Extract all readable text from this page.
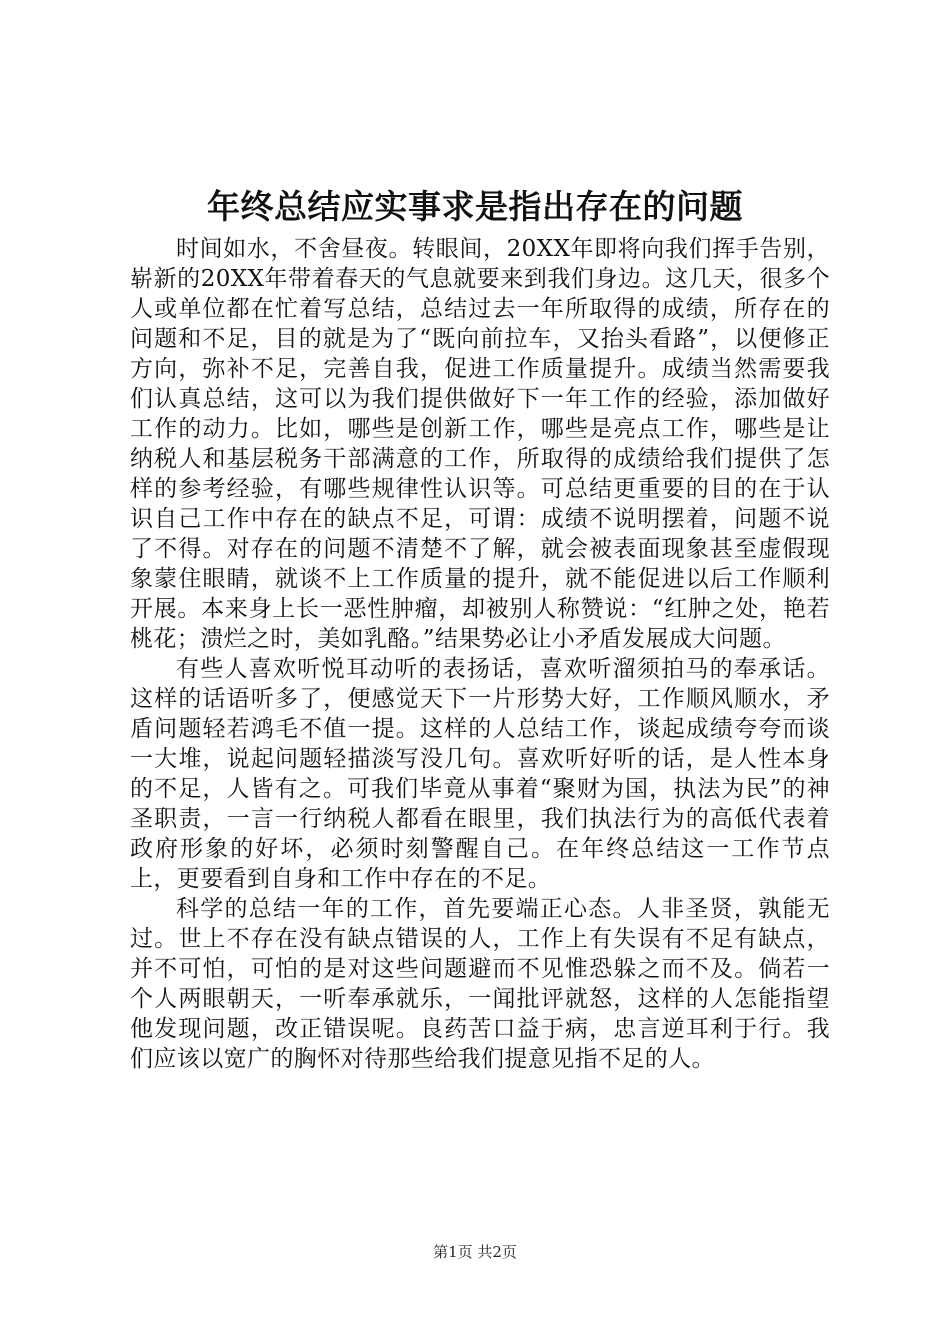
年终总结应实事求是指出存在的问题

时间如水，不舍昼夜。转眼间，20XX年即将向我们挥手告别，崭新的20XX年带着春天的气息就要来到我们身边。这几天，很多个人或单位都在忙着写总结，总结过去一年所取得的成绩，所存在的问题和不足，目的就是为了“既向前拉车，又抬头看路”，以便修正方向，弥补不足，完善自我，促进工作质量提升。成绩当然需要我们认真总结，这可以为我们提供做好下一年工作的经验，添加做好工作的动力。比如，哪些是创新工作，哪些是亮点工作，哪些是让纳税人和基层税务干部满意的工作，所取得的成绩给我们提供了怎样的参考经验，有哪些规律性认识等。可总结更重要的目的在于认识自己工作中存在的缺点不足，可谓：成绩不说明摆着，问题不说了不得。对存在的问题不清楚不了解，就会被表面现象甚至虚假现象蒙住眼睛，就谈不上工作质量的提升，就不能促进以后工作顺利开展。本来身上长一恶性肿瘤，却被别人称赞说：“红肿之处，艳若桃花；溃烂之时，美如乳酪。”结果势必让小矛盾发展成大问题。

有些人喜欢听悦耳动听的表扬话，喜欢听溜须拍马的奉承话。这样的话语听多了，便感觉天下一片形势大好，工作顺风顺水，矛盾问题轻若鸿毛不值一提。这样的人总结工作，谈起成绩夸夸而谈一大堆，说起问题轻描淡写没几句。喜欢听好听的话，是人性本身的不足，人皆有之。可我们毕竟从事着“聚财为国，执法为民”的神圣职责，一言一行纳税人都看在眼里，我们执法行为的高低代表着政府形象的好坏，必须时刻警醒自己。在年终总结这一工作节点上，更要看到自身和工作中存在的不足。

科学的总结一年的工作，首先要端正心态。人非圣贤，孰能无过。世上不存在没有缺点错误的人，工作上有失误有不足有缺点，并不可怕，可怕的是对这些问题避而不见惟恐躲之而不及。倘若一个人两眼朝天，一听奉承就乐，一闻批评就怒，这样的人怎能指望他发现问题，改正错误呢。良药苦口益于病，忠言逆耳利于行。我们应该以宽广的胸怀对待那些给我们提意见指不足的人。

第1页 共2页
